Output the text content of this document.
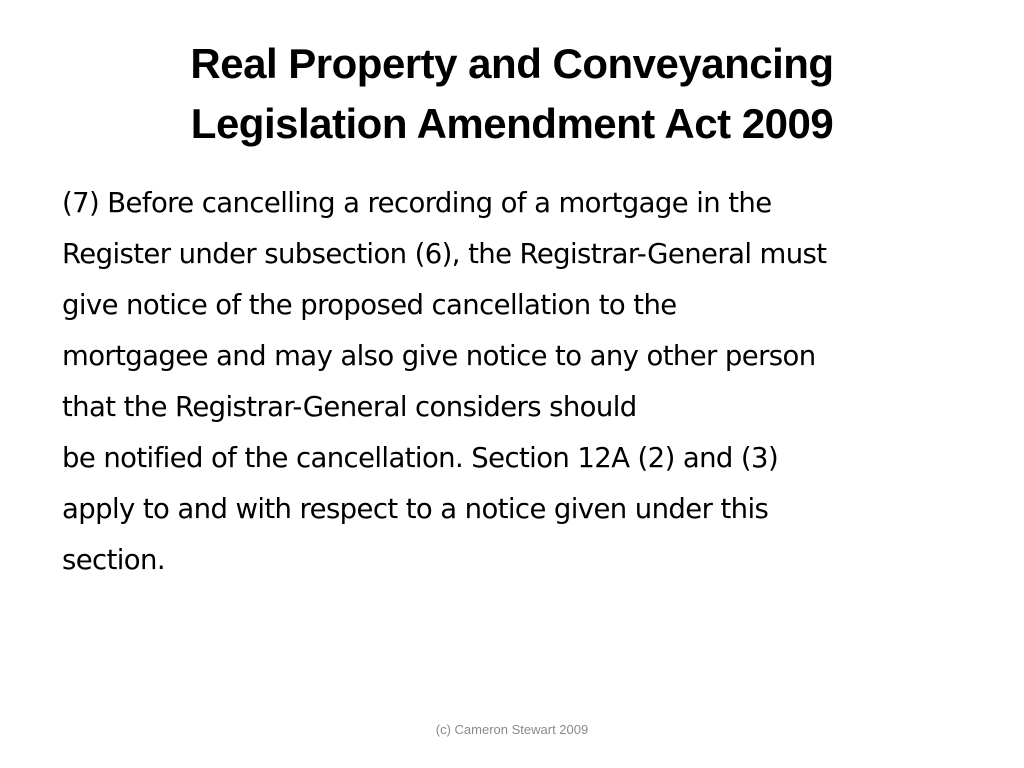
Real Property and Conveyancing
Legislation Amendment Act 2009
(7) Before cancelling a recording of a mortgage in the
Register under subsection (6), the Registrar-General must
give notice of the proposed cancellation to the
mortgagee and may also give notice to any other person
that the Registrar-General considers should
be notified of the cancellation. Section 12A (2) and (3)
apply to and with respect to a notice given under this
section.
(c) Cameron Stewart 2009
